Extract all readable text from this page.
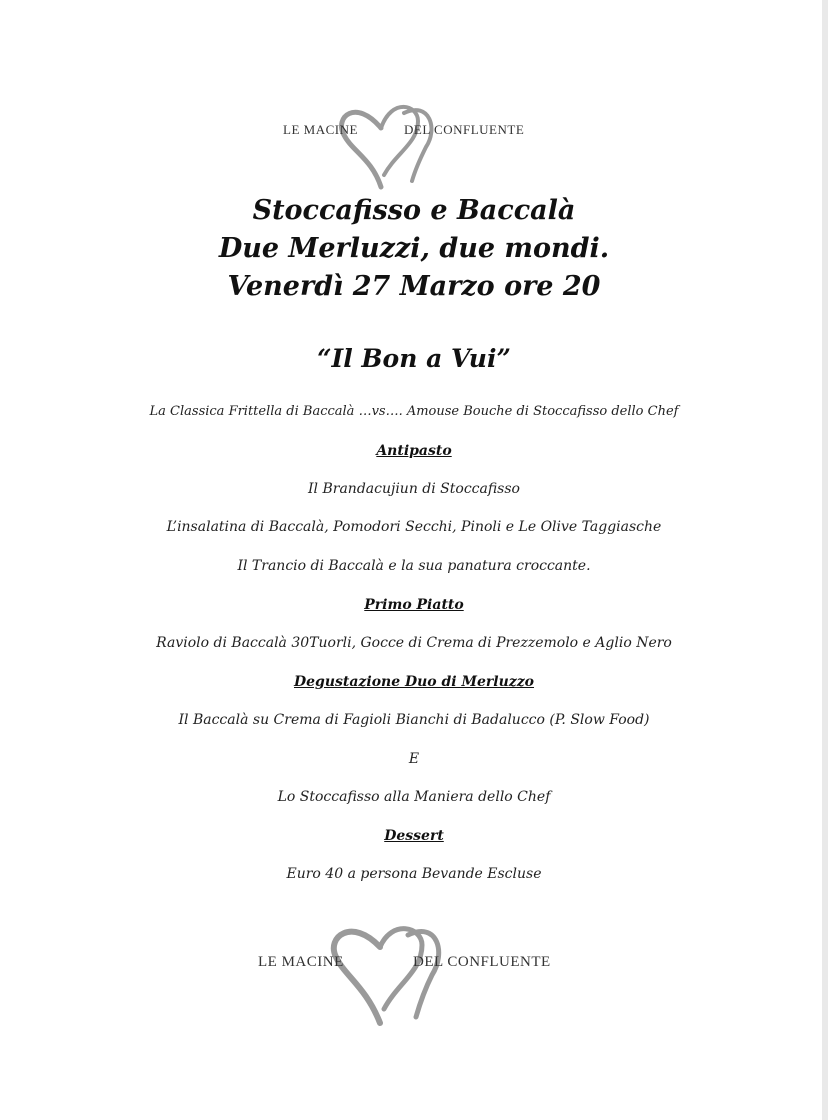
LE MACINE	DEL CONFLUENTE
Stoccafisso e Baccalà
Due Merluzzi, due mondi.
Venerdì 27 Marzo ore 20
“Il Bon a Vui”
La Classica Frittella di Baccalà …vs…. Amouse Bouche di Stoccafisso dello Chef
Antipasto
Il Brandacujiun di Stoccafisso
L’insalatina di Baccalà, Pomodori Secchi, Pinoli e Le Olive Taggiasche
Il Trancio di Baccalà e la sua panatura croccante.
Primo Piatto
Raviolo di Baccalà 30Tuorli, Gocce di Crema di Prezzemolo e Aglio Nero
Degustazione Duo di Merluzzo
Il Baccalà su Crema di Fagioli Bianchi di Badalucco (P. Slow Food)
E
Lo Stoccafisso alla Maniera dello Chef
Dessert
Euro 40 a persona Bevande Escluse
LE MACINE	DEL CONFLUENTE
